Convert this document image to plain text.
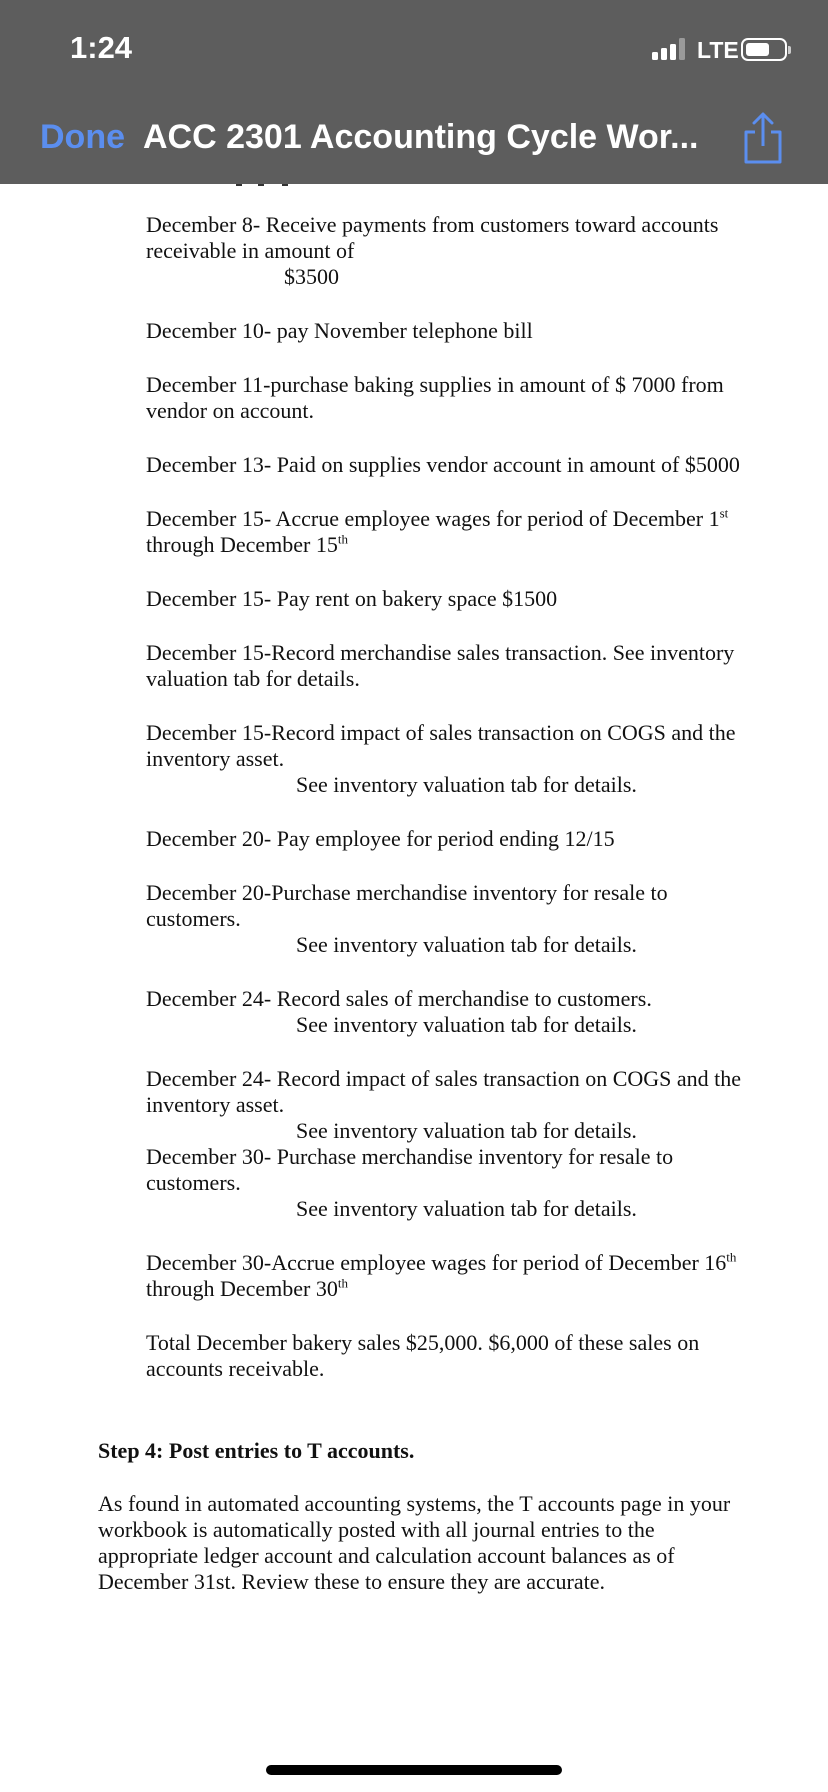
1:24	LTE
Done ACC 2301 Accounting Cycle Wor...
December 8- Receive payments from customers toward accounts receivable in amount of
$3500
December 10- pay November telephone bill
December 11-purchase baking supplies in amount of $ 7000 from vendor on account.
December 13- Paid on supplies vendor account in amount of $5000
December 15- Accrue employee wages for period of December 1st through December 15th
December 15- Pay rent on bakery space $1500
December 15-Record merchandise sales transaction. See inventory valuation tab for details.
December 15-Record impact of sales transaction on COGS and the inventory asset.
See inventory valuation tab for details.
December 20- Pay employee for period ending 12/15
December 20-Purchase merchandise inventory for resale to customers.
See inventory valuation tab for details.
December 24- Record sales of merchandise to customers.
See inventory valuation tab for details.
December 24- Record impact of sales transaction on COGS and the inventory asset.
See inventory valuation tab for details.
December 30- Purchase merchandise inventory for resale to customers.
See inventory valuation tab for details.
December 30-Accrue employee wages for period of December 16th through December 30th
Total December bakery sales $25,000. $6,000 of these sales on accounts receivable.
Step 4: Post entries to T accounts.
As found in automated accounting systems, the T accounts page in your workbook is automatically posted with all journal entries to the appropriate ledger account and calculation account balances as of December 31st. Review these to ensure they are accurate.
